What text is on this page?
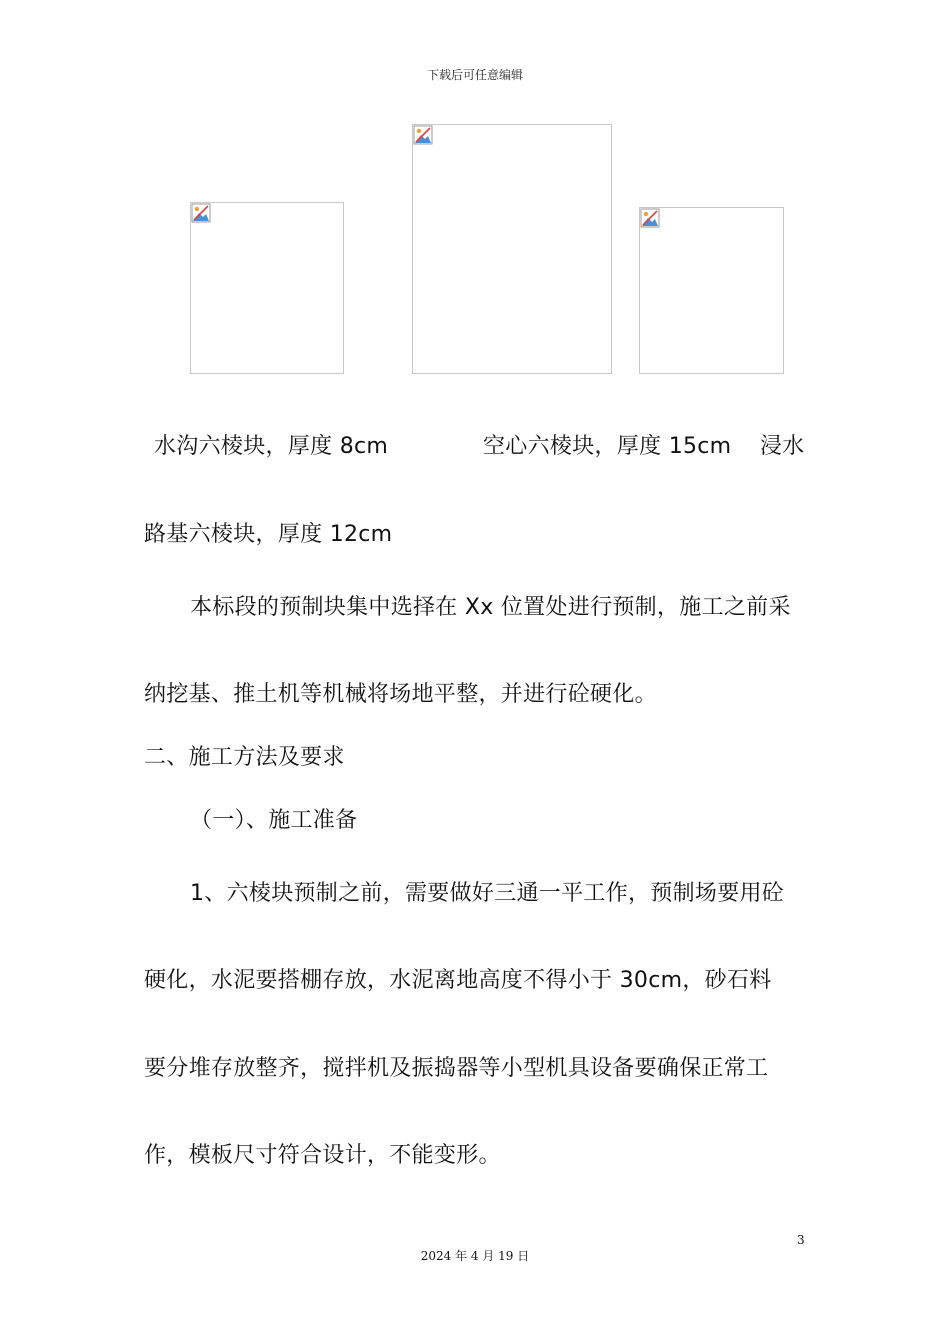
下载后可任意编辑
水沟六棱块，厚度 8cm	空心六棱块，厚度 15cm 浸水
路基六棱块，厚度 12cm
本标段的预制块集中选择在 Xx 位置处进行预制，施工之前采
纳挖基、推土机等机械将场地平整，并进行砼硬化。
二、施工方法及要求
（一）、施工准备
1、六棱块预制之前，需要做好三通一平工作，预制场要用砼
硬化，水泥要搭棚存放，水泥离地高度不得小于 30cm，砂石料
要分堆存放整齐，搅拌机及振捣器等小型机具设备要确保正常工
作，模板尺寸符合设计，不能变形。
3
2024 年 4 月 19 日
